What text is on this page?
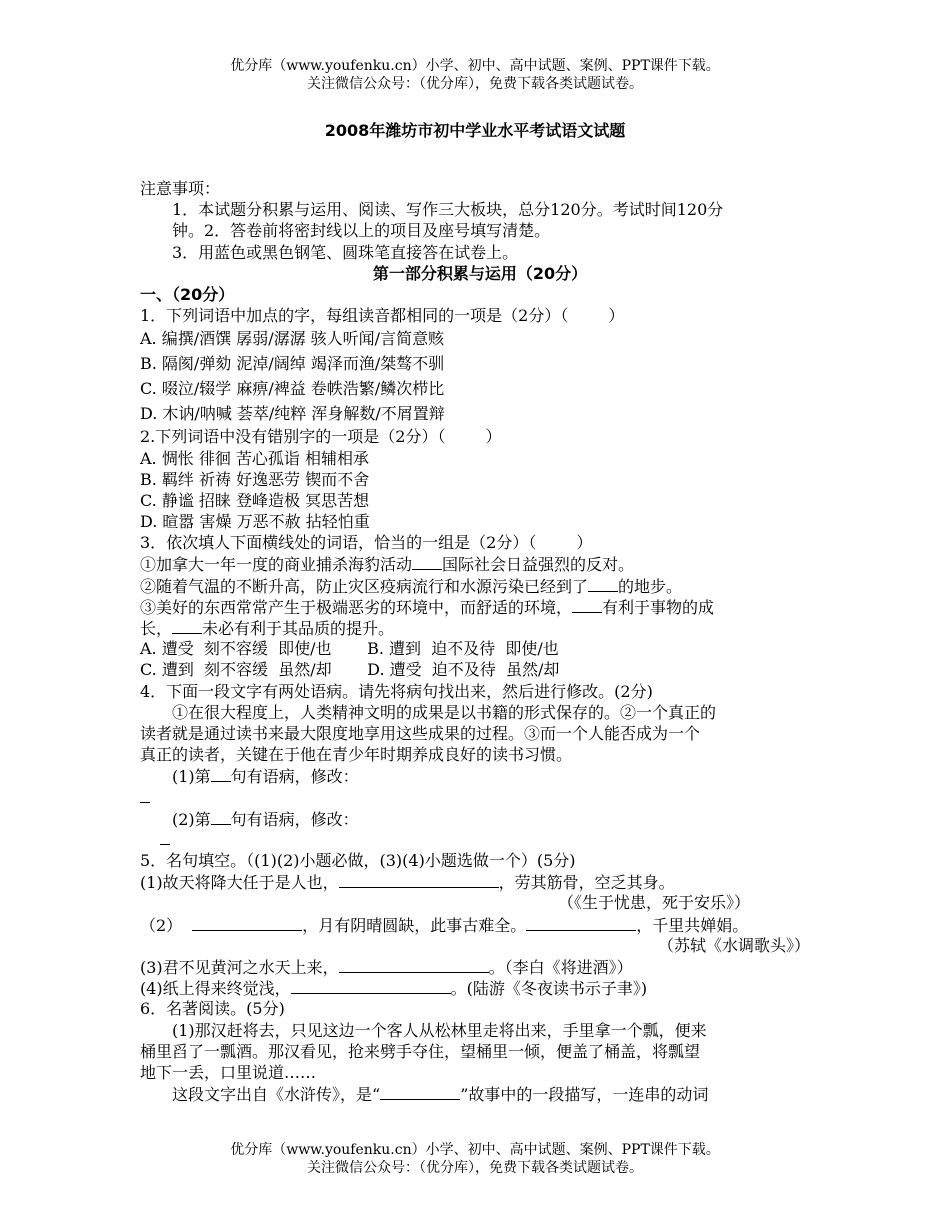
优分库（www.youfenku.cn）小学、初中、高中试题、案例、PPT课件下载。
关注微信公众号：（优分库），免费下载各类试题试卷。
2008年潍坊市初中学业水平考试语文试题
注意事项：
1．本试题分积累与运用、阅读、写作三大板块，总分120分。考试时间120分
钟。2．答卷前将密封线以上的项目及座号填写清楚。
3．用蓝色或黑色钢笔、圆珠笔直接答在试卷上。
第一部分积累与运用（20分）
一、（20分）
1．下列词语中加点的字，每组读音都相同的一项是（2分）（	）
A. 编撰/酒馔 孱弱/潺潺 骇人听闻/言简意赅
B. 隔阂/弹劾 泥淖/阔绰 竭泽而渔/桀骜不驯
C. 啜泣/辍学 麻痹/裨益 卷帙浩繁/鳞次栉比
D. 木讷/呐喊 荟萃/纯粹 浑身解数/不屑置辩
2.下列词语中没有错别字的一项是（2分）（	）
A. 惆怅 徘徊 苦心孤诣 相辅相承
B. 羁绊 祈祷 好逸恶劳 锲而不舍
C. 静谧 招睐 登峰造极 冥思苦想
D. 暄嚣 害燥 万恶不赦 拈轻怕重
3．依次填人下面横线处的词语，恰当的一组是（2分）（	）
①加拿大一年一度的商业捕杀海豹活动 国际社会日益强烈的反对。
②随着气温的不断升高，防止灾区疫病流行和水源污染已经到了 的地步。
③美好的东西常常产生于极端恶劣的环境中，而舒适的环境， 有利于事物的成
长， 未必有利于其品质的提升。
A. 遭受  刻不容缓  即使/也       B. 遭到  迫不及待  即使/也
C. 遭到  刻不容缓  虽然/却       D. 遭受  迫不及待  虽然/却
4．下面一段文字有两处语病。请先将病句找出来，然后进行修改。(2分)
①在很大程度上，人类精神文明的成果是以书籍的形式保存的。②一个真正的
读者就是通过读书来最大限度地享用这些成果的过程。③而一个人能否成为一个
真正的读者，关键在于他在青少年时期养成良好的读书习惯。
(1)第 句有语病，修改：
(2)第 句有语病，修改：
5．名句填空。（(1)(2)小题必做，(3)(4)小题选做一个）(5分)
(1)故天将降大任于是人也，	，劳其筋骨，空乏其身。
（《生于忧患，死于安乐》）
（2）	，月有阴晴圆缺，此事古难全。	，千里共婵娟。
（苏轼《水调歌头》）
(3)君不见黄河之水天上来，	。（李白《将进酒》）
(4)纸上得来终觉浅，	。(陆游《冬夜读书示子聿》)
6．名著阅读。(5分)
(1)那汉赶将去，只见这边一个客人从松林里走将出来，手里拿一个瓢，便来
桶里舀了一瓢酒。那汉看见，抢来劈手夺住，望桶里一倾，便盖了桶盖，将瓢望
地下一丢，口里说道……
这段文字出自《水浒传》，是“	”故事中的一段描写，一连串的动词
优分库（www.youfenku.cn）小学、初中、高中试题、案例、PPT课件下载。
关注微信公众号：（优分库），免费下载各类试题试卷。
